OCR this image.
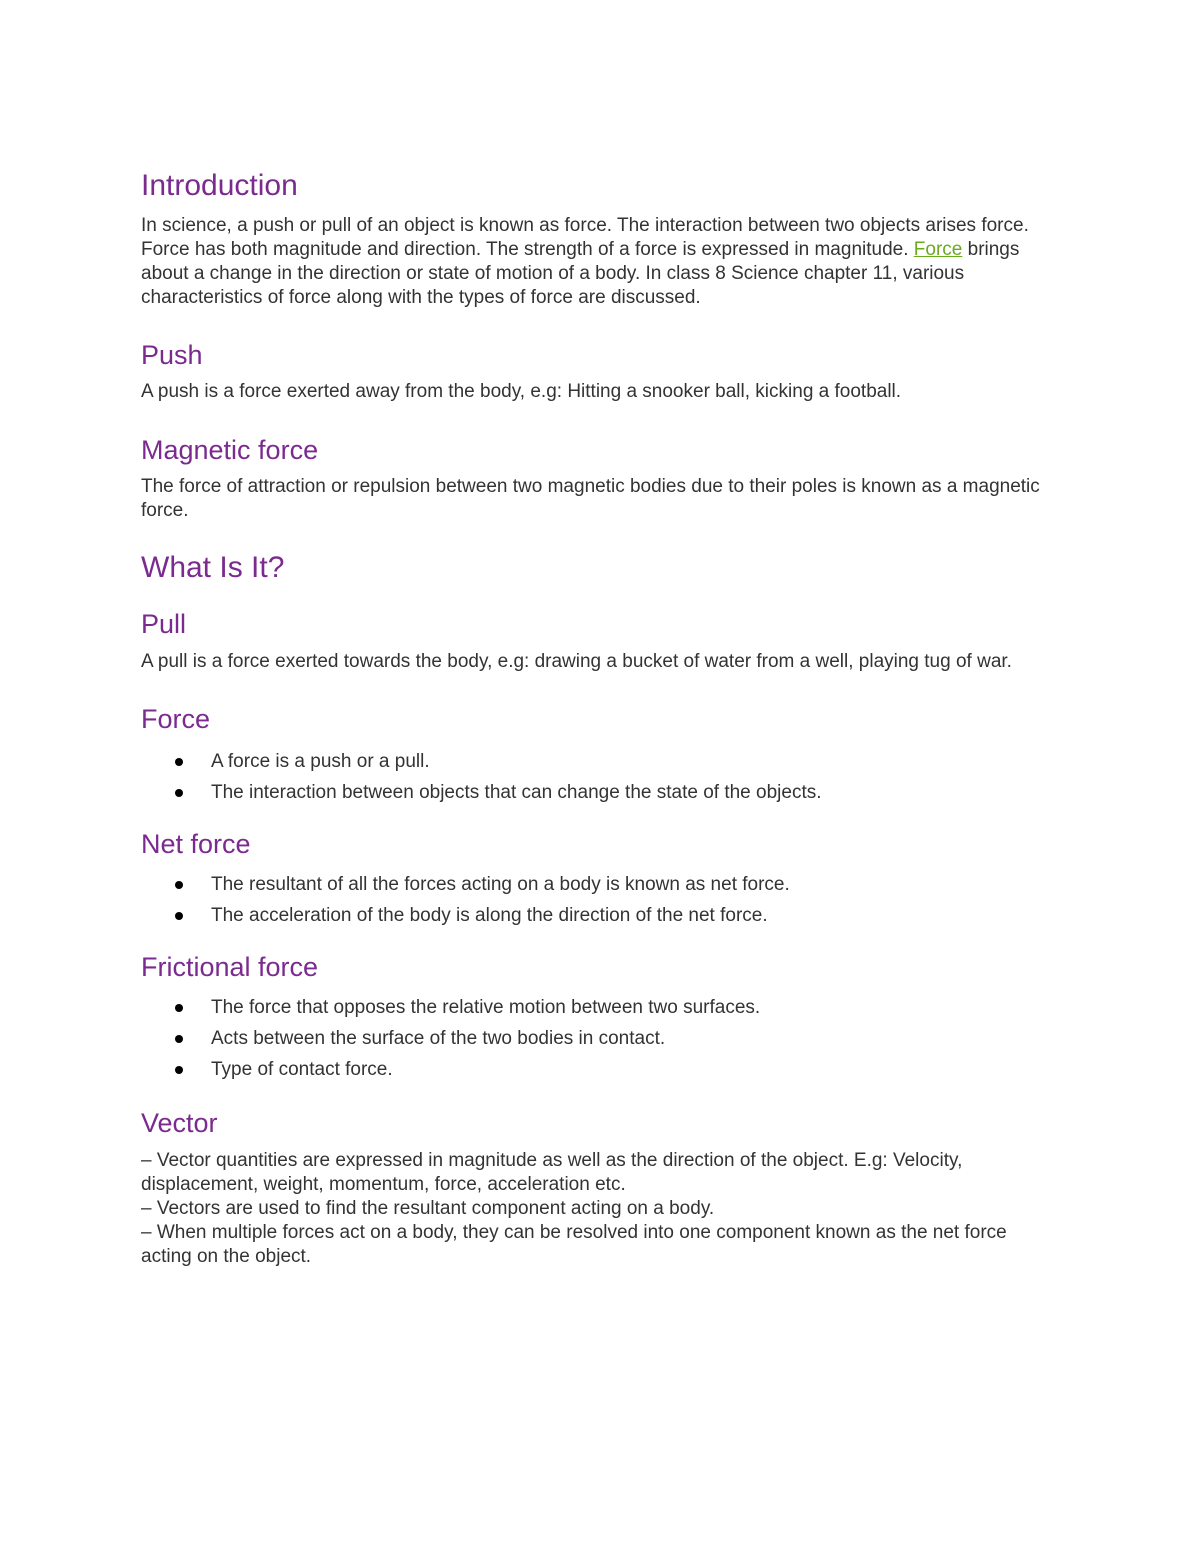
Introduction

In science, a push or pull of an object is known as force. The interaction between two objects arises force. Force has both magnitude and direction. The strength of a force is expressed in magnitude. Force brings about a change in the direction or state of motion of a body. In class 8 Science chapter 11, various characteristics of force along with the types of force are discussed.

Push

A push is a force exerted away from the body, e.g: Hitting a snooker ball, kicking a football.

Magnetic force

The force of attraction or repulsion between two magnetic bodies due to their poles is known as a magnetic force.

What Is It?
Pull

A pull is a force exerted towards the body, e.g: drawing a bucket of water from a well, playing tug of war.

Force
A force is a push or a pull.
The interaction between objects that can change the state of the objects.
Net force
The resultant of all the forces acting on a body is known as net force.
The acceleration of the body is along the direction of the net force.
Frictional force
The force that opposes the relative motion between two surfaces.
Acts between the surface of the two bodies in contact.
Type of contact force.
Vector

– Vector quantities are expressed in magnitude as well as the direction of the object. E.g: Velocity, displacement, weight, momentum, force, acceleration etc.

– Vectors are used to find the resultant component acting on a body.

– When multiple forces act on a body, they can be resolved into one component known as the net force acting on the object.
